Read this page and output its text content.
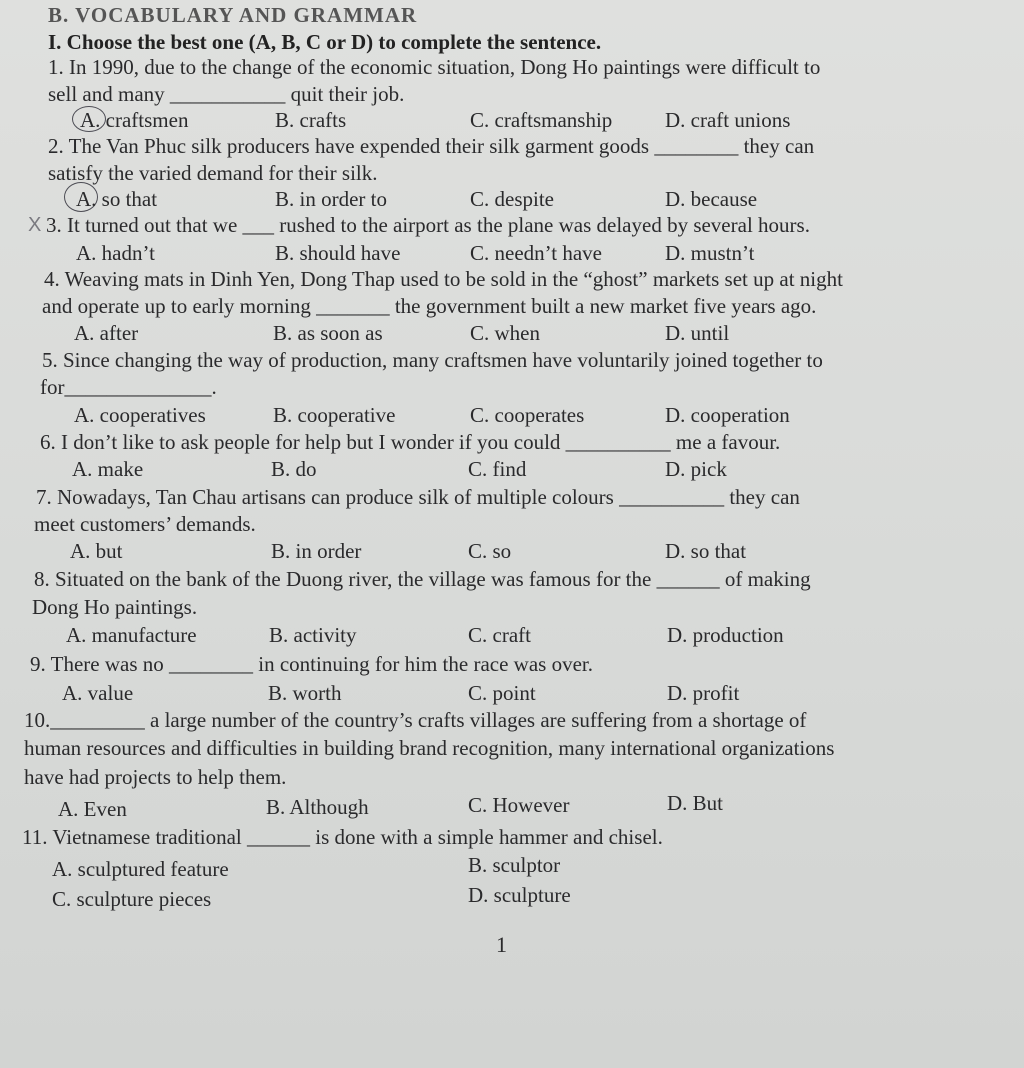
B. VOCABULARY AND GRAMMAR
I. Choose the best one (A, B, C or D) to complete the sentence.
1. In 1990, due to the change of the economic situation, Dong Ho paintings were difficult to
sell and many ___________ quit their job.
A. craftsmen	B. crafts	C. craftsmanship	D. craft unions
2. The Van Phuc silk producers have expended their silk garment goods ________ they can
satisfy the varied demand for their silk.
A. so that	B. in order to	C. despite	D. because
X 3. It turned out that we ___ rushed to the airport as the plane was delayed by several hours.
A. hadn’t	B. should have	C. needn’t have	D. mustn’t
4. Weaving mats in Dinh Yen, Dong Thap used to be sold in the “ghost” markets set up at night
and operate up to early morning _______ the government built a new market five years ago.
A. after	B. as soon as	C. when	D. until
5. Since changing the way of production, many craftsmen have voluntarily joined together to
for______________.
A. cooperatives	B. cooperative	C. cooperates	D. cooperation
6. I don’t like to ask people for help but I wonder if you could __________ me a favour.
A. make	B. do	C. find	D. pick
7. Nowadays, Tan Chau artisans can produce silk of multiple colours __________ they can
meet customers’ demands.
A. but	B. in order	C. so	D. so that
8. Situated on the bank of the Duong river, the village was famous for the ______ of making
Dong Ho paintings.
A. manufacture	B. activity	C. craft	D. production
9. There was no ________ in continuing for him the race was over.
A. value	B. worth	C. point	D. profit
10._________ a large number of the country’s crafts villages are suffering from a shortage of
human resources and difficulties in building brand recognition, many international organizations
have had projects to help them.
A. Even	B. Although	C. However	D. But
11. Vietnamese traditional ______ is done with a simple hammer and chisel.
A. sculptured feature	B. sculptor
C. sculpture pieces	D. sculpture
1
